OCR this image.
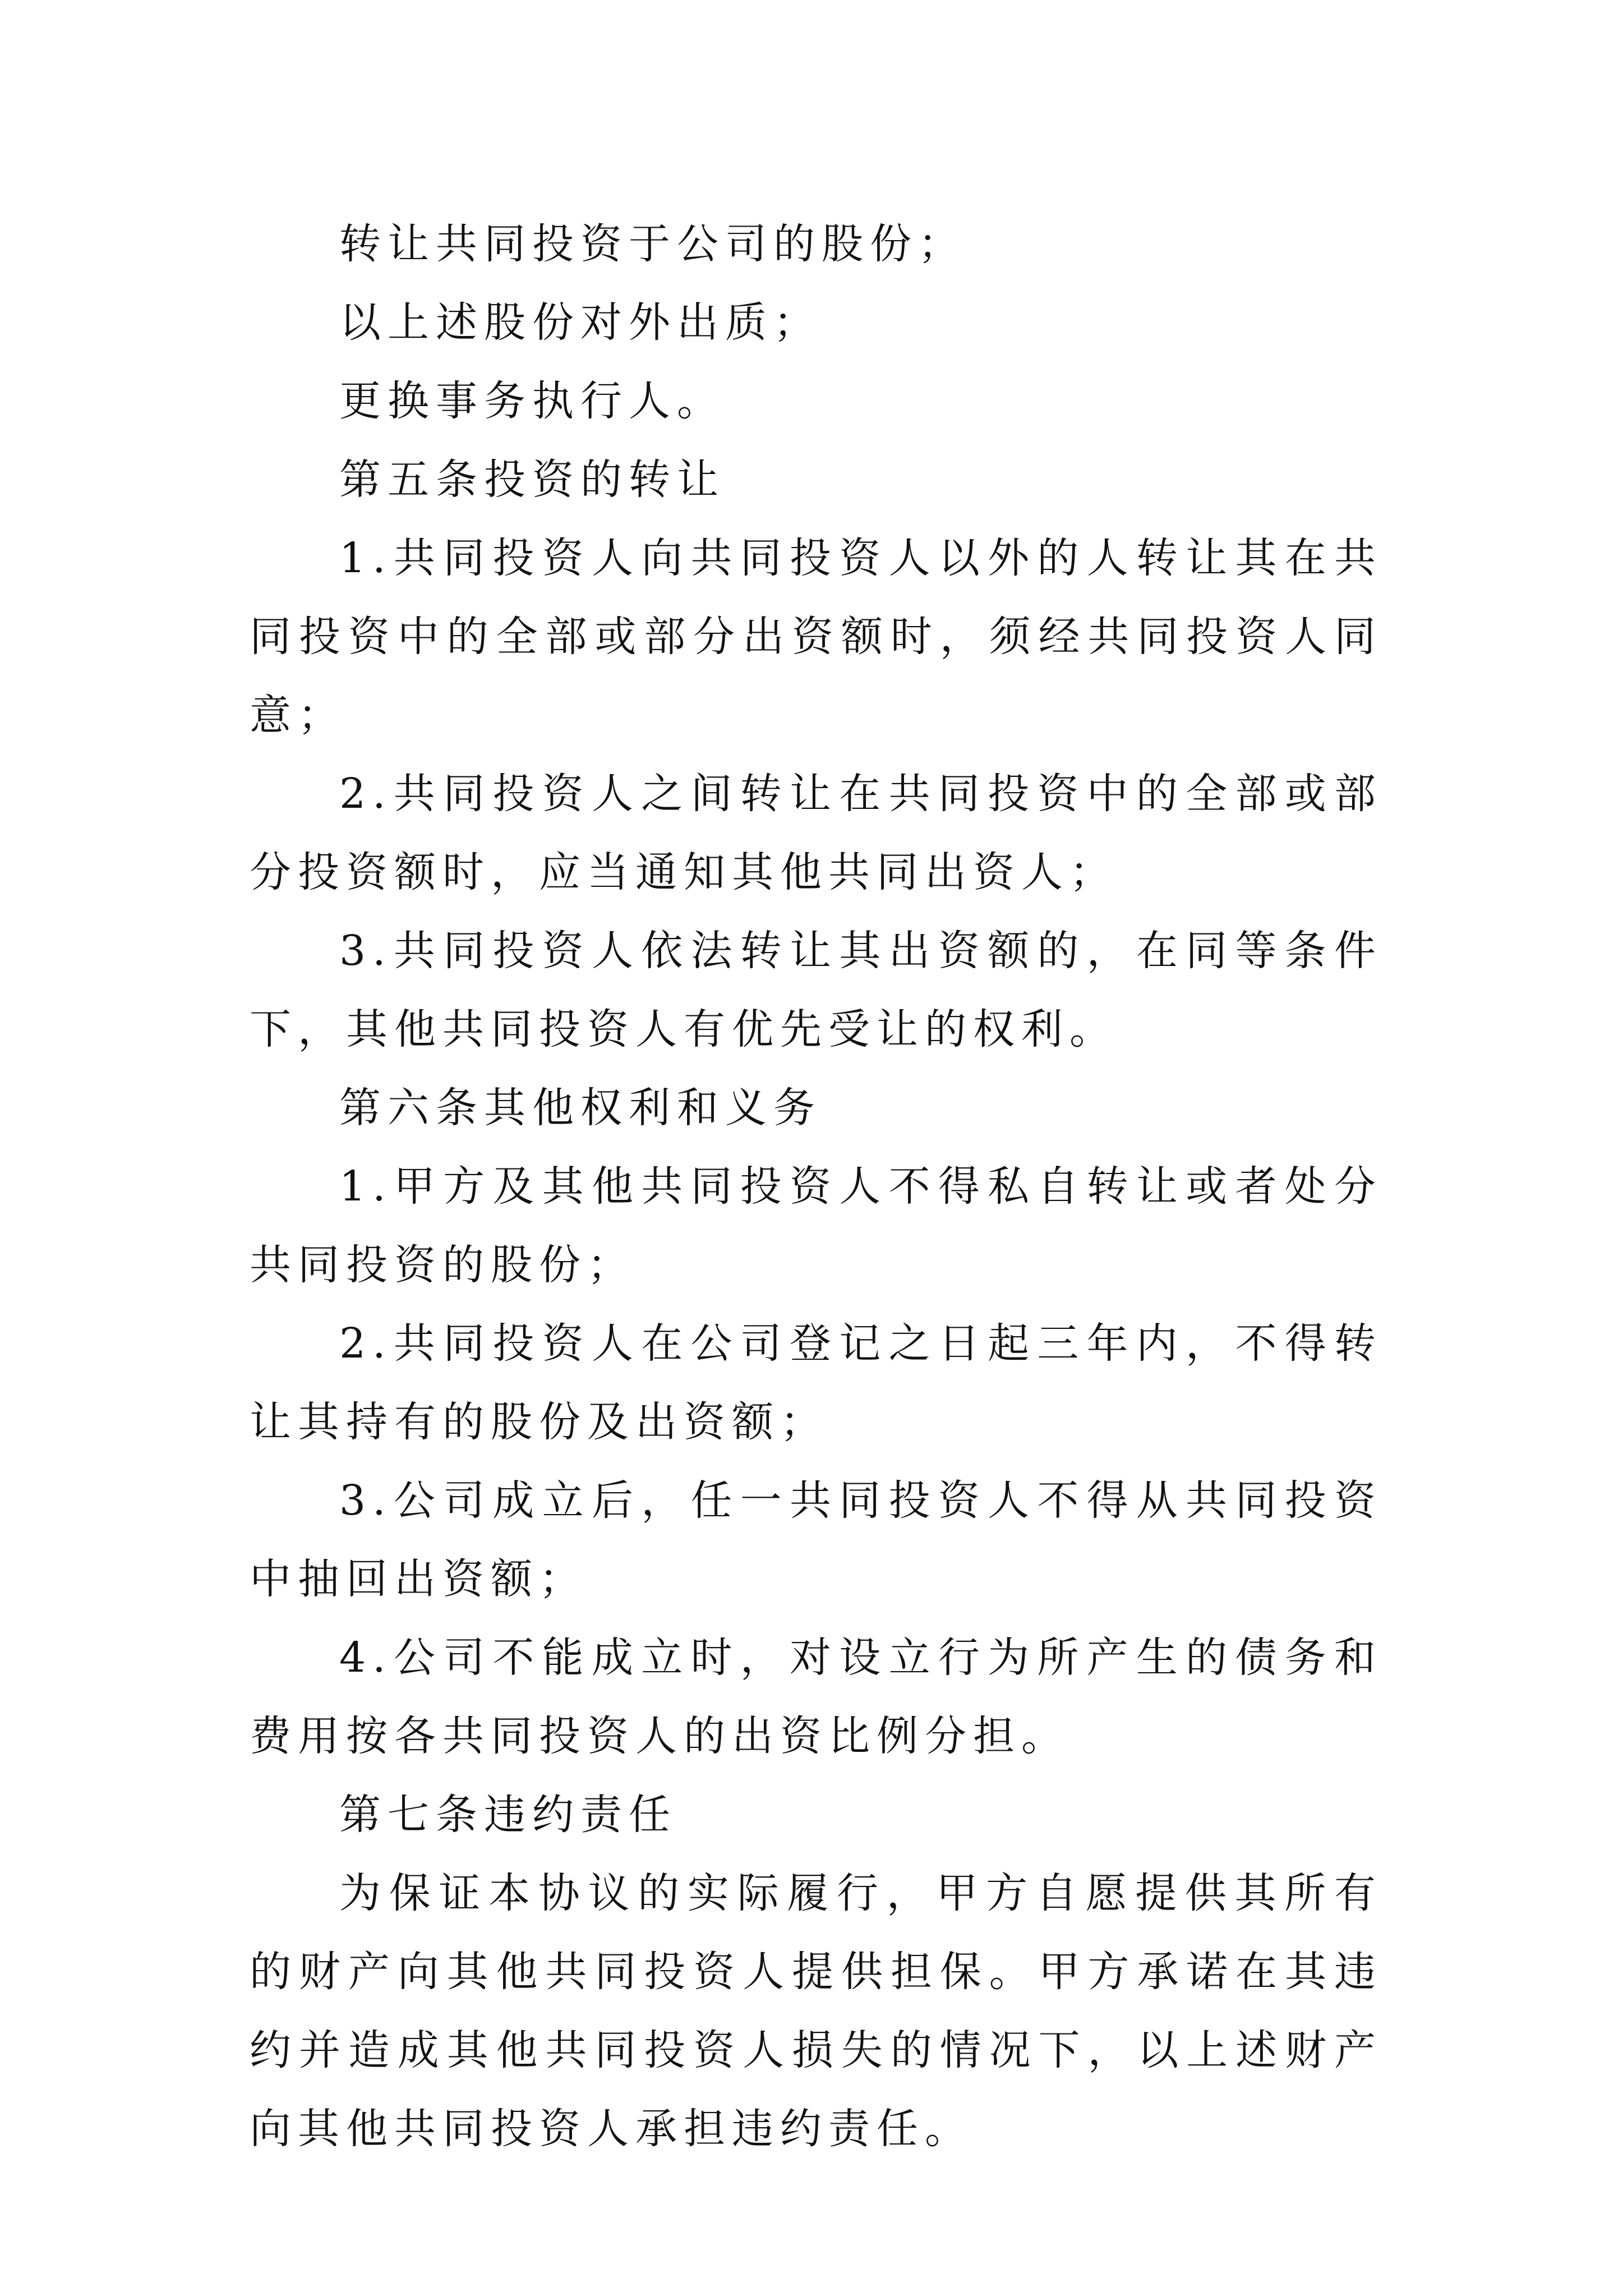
转让共同投资于公司的股份；

以上述股份对外出质；

更换事务执行人。

第五条投资的转让

1.共同投资人向共同投资人以外的人转让其在共同投资中的全部或部分出资额时，须经共同投资人同意；

2.共同投资人之间转让在共同投资中的全部或部分投资额时，应当通知其他共同出资人；

3.共同投资人依法转让其出资额的，在同等条件下，其他共同投资人有优先受让的权利。

第六条其他权利和义务

1.甲方及其他共同投资人不得私自转让或者处分共同投资的股份；

2.共同投资人在公司登记之日起三年内，不得转让其持有的股份及出资额；

3.公司成立后，任一共同投资人不得从共同投资中抽回出资额；

4.公司不能成立时，对设立行为所产生的债务和费用按各共同投资人的出资比例分担。

第七条违约责任

为保证本协议的实际履行，甲方自愿提供其所有的财产向其他共同投资人提供担保。甲方承诺在其违约并造成其他共同投资人损失的情况下，以上述财产向其他共同投资人承担违约责任。
